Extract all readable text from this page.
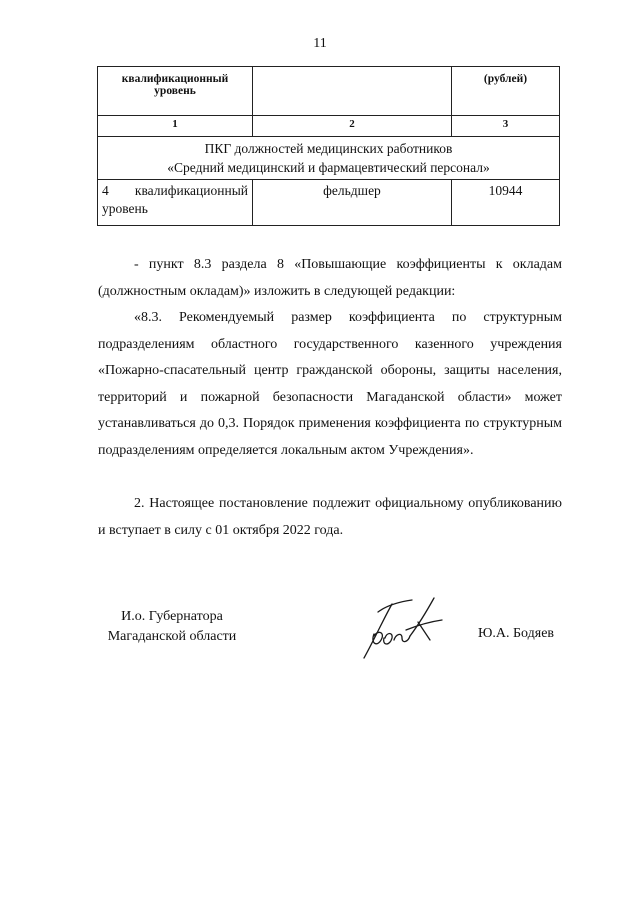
11
квалификационный уровень		(рублей)
1	2	3

ПКГ должностей медицинских работников
«Средний медицинский и фармацевтический персонал»		

4 квалификационный
уровень	фельдшер	10944
- пункт 8.3 раздела 8 «Повышающие коэффициенты к окладам (должностным окладам)» изложить в следующей редакции:
«8.3. Рекомендуемый размер коэффициента по структурным подразделениям областного государственного казенного учреждения «Пожарно-спасательный центр гражданской обороны, защиты населения, территорий и пожарной безопасности Магаданской области» может устанавливаться до 0,3. Порядок применения коэффициента по структурным подразделениям определяется локальным актом Учреждения».
2. Настоящее постановление подлежит официальному опубликованию и вступает в силу с 01 октября 2022 года.
И.о. Губернатора
Магаданской области	Ю.А. Бодяев
